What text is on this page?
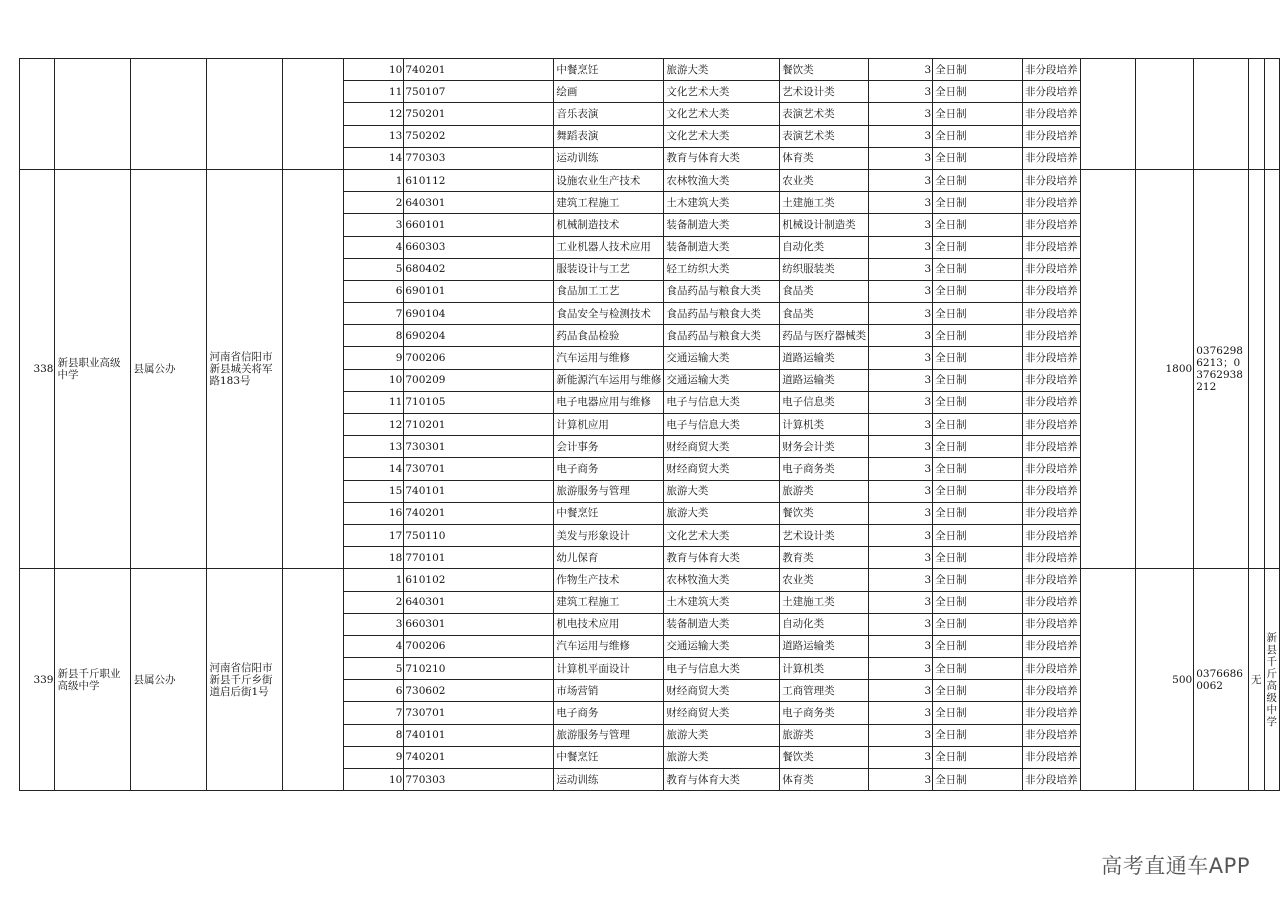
					10	740201	中餐烹饪	旅游大类	餐饮类	3	全日制	非分段培养					
					11	750107	绘画	文化艺术大类	艺术设计类	3	全日制	非分段培养					
					12	750201	音乐表演	文化艺术大类	表演艺术类	3	全日制	非分段培养					
					13	750202	舞蹈表演	文化艺术大类	表演艺术类	3	全日制	非分段培养					
					14	770303	运动训练	教育与体育大类	体育类	3	全日制	非分段培养					
338	新县职业高级中学	县属公办	河南省信阳市新县城关将军路183号		1	610112	设施农业生产技术	农林牧渔大类	农业类	3	全日制	非分段培养		1800	03762986213；03762938212		
					2	640301	建筑工程施工	土木建筑大类	土建施工类	3	全日制	非分段培养					
					3	660101	机械制造技术	装备制造大类	机械设计制造类	3	全日制	非分段培养					
					4	660303	工业机器人技术应用	装备制造大类	自动化类	3	全日制	非分段培养					
					5	680402	服装设计与工艺	轻工纺织大类	纺织服装类	3	全日制	非分段培养					
					6	690101	食品加工工艺	食品药品与粮食大类	食品类	3	全日制	非分段培养					
					7	690104	食品安全与检测技术	食品药品与粮食大类	食品类	3	全日制	非分段培养					
					8	690204	药品食品检验	食品药品与粮食大类	药品与医疗器械类	3	全日制	非分段培养					
					9	700206	汽车运用与维修	交通运输大类	道路运输类	3	全日制	非分段培养					
					10	700209	新能源汽车运用与维修	交通运输大类	道路运输类	3	全日制	非分段培养					
					11	710105	电子电器应用与维修	电子与信息大类	电子信息类	3	全日制	非分段培养					
					12	710201	计算机应用	电子与信息大类	计算机类	3	全日制	非分段培养					
					13	730301	会计事务	财经商贸大类	财务会计类	3	全日制	非分段培养					
					14	730701	电子商务	财经商贸大类	电子商务类	3	全日制	非分段培养					
					15	740101	旅游服务与管理	旅游大类	旅游类	3	全日制	非分段培养					
					16	740201	中餐烹饪	旅游大类	餐饮类	3	全日制	非分段培养					
					17	750110	美发与形象设计	文化艺术大类	艺术设计类	3	全日制	非分段培养					
					18	770101	幼儿保育	教育与体育大类	教育类	3	全日制	非分段培养					
339	新县千斤职业高级中学	县属公办	河南省信阳市新县千斤乡街道启后街1号		1	610102	作物生产技术	农林牧渔大类	农业类	3	全日制	非分段培养		500	03766860062	无	新县千斤高级中学
					2	640301	建筑工程施工	土木建筑大类	土建施工类	3	全日制	非分段培养					
					3	660301	机电技术应用	装备制造大类	自动化类	3	全日制	非分段培养					
					4	700206	汽车运用与维修	交通运输大类	道路运输类	3	全日制	非分段培养					
					5	710210	计算机平面设计	电子与信息大类	计算机类	3	全日制	非分段培养					
					6	730602	市场营销	财经商贸大类	工商管理类	3	全日制	非分段培养					
					7	730701	电子商务	财经商贸大类	电子商务类	3	全日制	非分段培养					
					8	740101	旅游服务与管理	旅游大类	旅游类	3	全日制	非分段培养					
					9	740201	中餐烹饪	旅游大类	餐饮类	3	全日制	非分段培养					
					10	770303	运动训练	教育与体育大类	体育类	3	全日制	非分段培养					
高考直通车APP
